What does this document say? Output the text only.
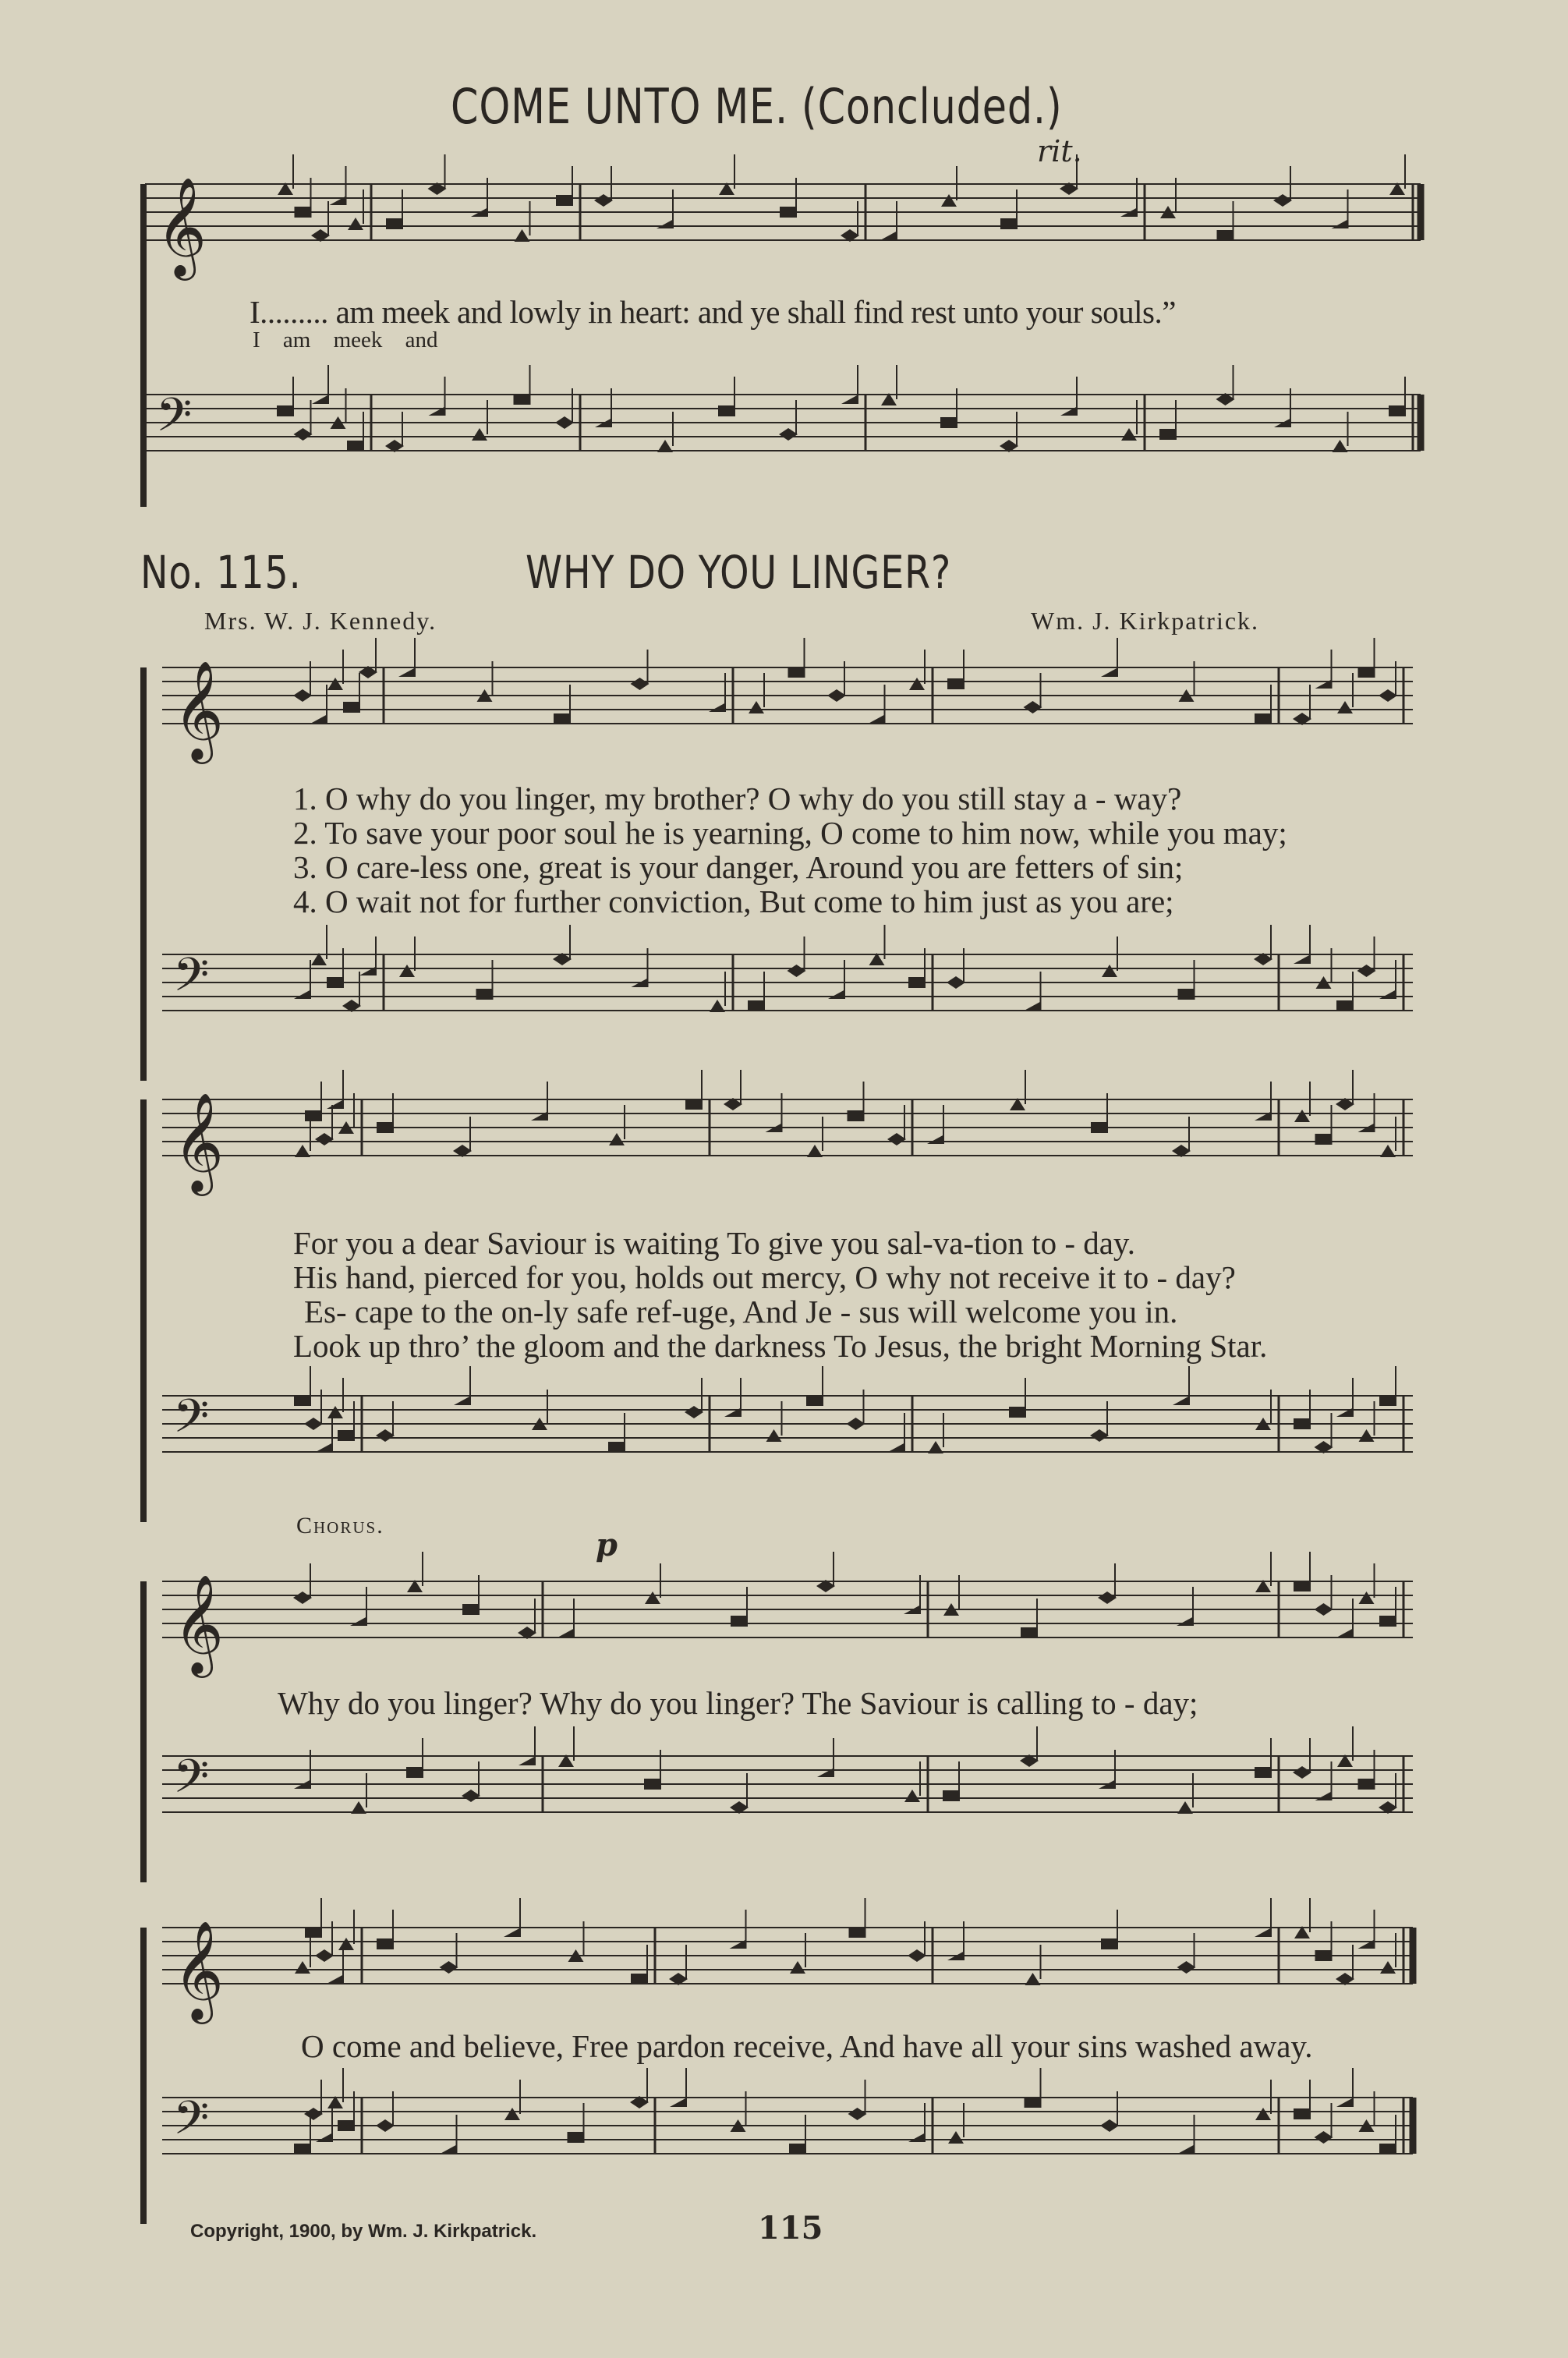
𝄞
𝄢
𝄞
𝄢
𝄞
𝄢
𝄞
𝄢
𝄞
𝄢
COME UNTO ME. (Concluded.)
rit.
I......... am meek and lowly in heart: and ye shall find rest unto your souls.”
I am meek and
No. 115.	WHY DO YOU LINGER?
Mrs. W. J. Kennedy.	Wm. J. Kirkpatrick.
1. O why do you linger, my brother? O why do you still stay a - way?
2. To save your poor soul he is yearning, O come to him now, while you may;
3. O care-less one, great is your danger, Around you are fetters of sin;
4. O wait not for further conviction, But come to him just as you are;
For you a dear Saviour is waiting To give you sal-va-tion to - day.
His hand, pierced for you, holds out mercy, O why not receive it to - day?
Es- cape to the on-ly safe ref-uge, And Je - sus will welcome you in.
Look up thro’ the gloom and the darkness To Jesus, the bright Morning Star.
Chorus.
p
Why do you linger? Why do you linger? The Saviour is calling to - day;
O come and believe, Free pardon receive, And have all your sins washed away.
Copyright, 1900, by Wm. J. Kirkpatrick.	115
